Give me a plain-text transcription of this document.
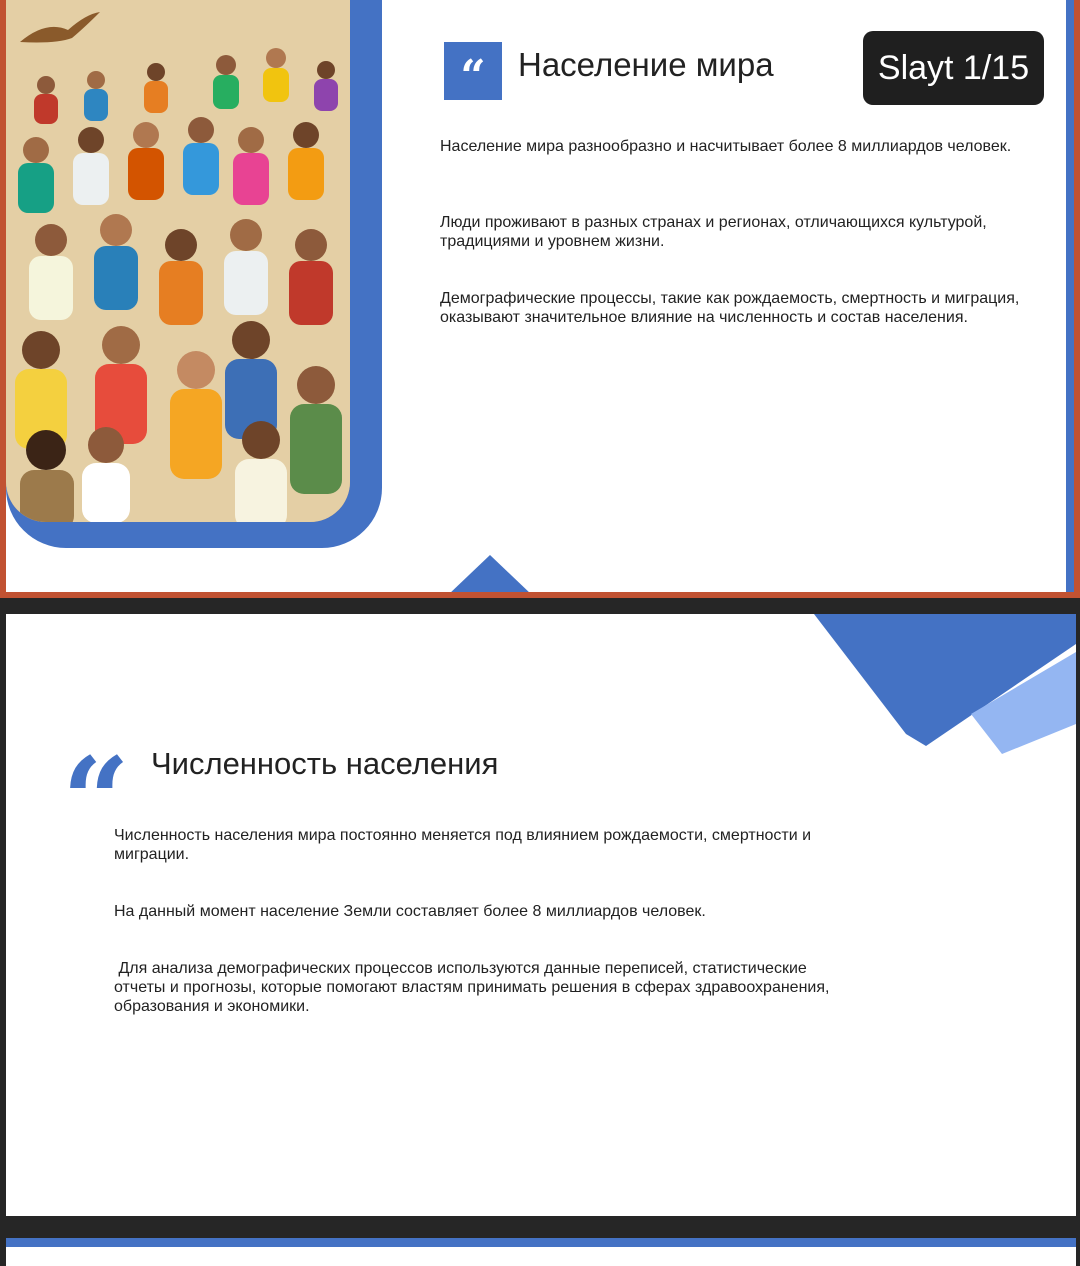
“ Население мира	Slayt 1/15
Население мира разнообразно и насчитывает более 8 миллиардов человек.
Люди проживают в разных странах и регионах, отличающихся культурой, традициями и уровнем жизни.
Демографические процессы, такие как рождаемость, смертность и миграция, оказывают значительное влияние на численность и состав населения.
“ Численность населения
Численность населения мира постоянно меняется под влиянием рождаемости, смертности и миграции.
На данный момент население Земли составляет более 8 миллиардов человек.
Для анализа демографических процессов используются данные переписей, статистические отчеты и прогнозы, которые помогают властям принимать решения в сферах здравоохранения, образования и экономики.
